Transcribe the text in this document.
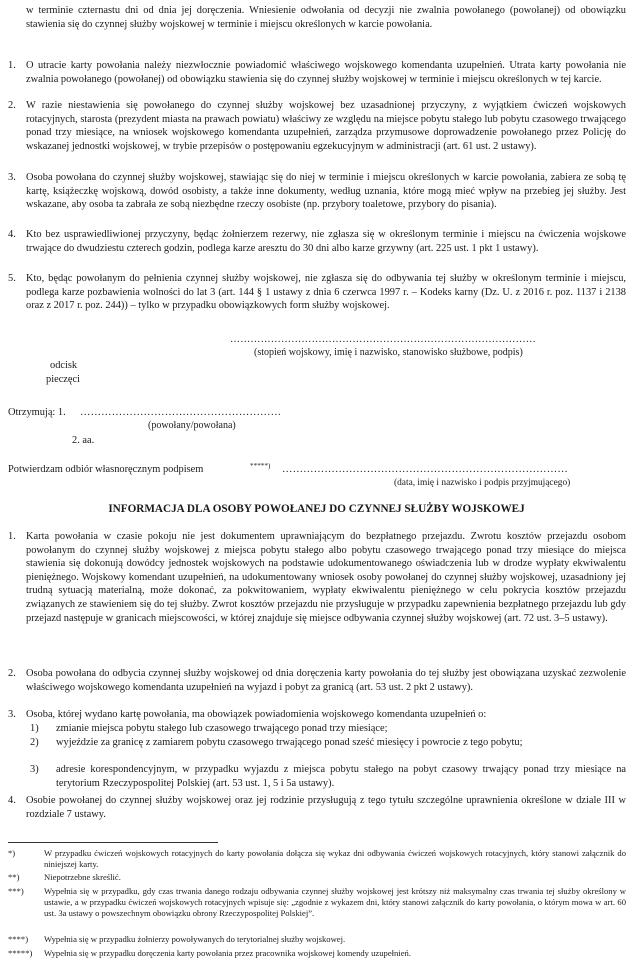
w terminie czternastu dni od dnia jej doręczenia. Wniesienie odwołania od decyzji nie zwalnia powołanego (powołanej) od obowiązku stawienia się do czynnej służby wojskowej w terminie i miejscu określonych w karcie powołania.
1. O utracie karty powołania należy niezwłocznie powiadomić właściwego wojskowego komendanta uzupełnień. Utrata karty powołania nie zwalnia powołanego (powołanej) od obowiązku stawienia się do czynnej służby wojskowej w terminie i miejscu określonych w tej karcie.
2. W razie niestawienia się powołanego do czynnej służby wojskowej bez uzasadnionej przyczyny, z wyjątkiem ćwiczeń wojskowych rotacyjnych, starosta (prezydent miasta na prawach powiatu) właściwy ze względu na miejsce pobytu stałego lub pobytu czasowego trwającego ponad trzy miesiące, na wniosek wojskowego komendanta uzupełnień, zarządza przymusowe doprowadzenie powołanego przez Policję do wskazanej jednostki wojskowej, w trybie przepisów o postępowaniu egzekucyjnym w administracji (art. 61 ust. 2 ustawy).
3. Osoba powołana do czynnej służby wojskowej, stawiając się do niej w terminie i miejscu określonych w karcie powołania, zabiera ze sobą tę kartę, książeczkę wojskową, dowód osobisty, a także inne dokumenty, według uznania, które mogą mieć wpływ na przebieg jej służby. Jest wskazane, aby osoba ta zabrała ze sobą niezbędne rzeczy osobiste (np. przybory toaletowe, przybory do pisania).
4. Kto bez usprawiedliwionej przyczyny, będąc żołnierzem rezerwy, nie zgłasza się w określonym terminie i miejscu na ćwiczenia wojskowe trwające do dwudziestu czterech godzin, podlega karze aresztu do 30 dni albo karze grzywny (art. 225 ust. 1 pkt 1 ustawy).
5. Kto, będąc powołanym do pełnienia czynnej służby wojskowej, nie zgłasza się do odbywania tej służby w określonym terminie i miejscu, podlega karze pozbawienia wolności do lat 3 (art. 144 § 1 ustawy z dnia 6 czerwca 1997 r. – Kodeks karny (Dz. U. z 2016 r. poz. 1137 i 2138 oraz z 2017 r. poz. 244)) – tylko w przypadku obowiązkowych form służby wojskowej.
………………………………………………………………………………
(stopień wojskowy, imię i nazwisko, stanowisko służbowe, podpis)
odcisk
pieczęci
Otrzymują: 1. …………………………………………………
(powołany/powołana)
2. aa.
Potwierdzam odbiór własnoręcznym podpisem	*****) ………………………………………………………………………
(data, imię i nazwisko i podpis przyjmującego)
INFORMACJA DLA OSOBY POWOŁANEJ DO CZYNNEJ SŁUŻBY WOJSKOWEJ
1. Karta powołania w czasie pokoju nie jest dokumentem uprawniającym do bezpłatnego przejazdu. Zwrotu kosztów przejazdu osobom powołanym do czynnej służby wojskowej z miejsca pobytu stałego albo pobytu czasowego trwającego ponad trzy miesiące do miejsca stawienia się dokonują dowódcy jednostek wojskowych na podstawie udokumentowanego oświadczenia lub w drodze wypłaty ekwiwalentu pieniężnego. Wojskowy komendant uzupełnień, na udokumentowany wniosek osoby powołanej do czynnej służby wojskowej, uzasadniony jej trudną sytuacją materialną, może dokonać, za pokwitowaniem, wypłaty ekwiwalentu pieniężnego w celu pokrycia kosztów przejazdu związanych ze stawieniem się do tej służby. Zwrot kosztów przejazdu nie przysługuje w przypadku zapewnienia bezpłatnego przejazdu lub gdy przejazd następuje w granicach miejscowości, w której znajduje się miejsce odbywania czynnej służby wojskowej (art. 72 ust. 3–5 ustawy).
2. Osoba powołana do odbycia czynnej służby wojskowej od dnia doręczenia karty powołania do tej służby jest obowiązana uzyskać zezwolenie właściwego wojskowego komendanta uzupełnień na wyjazd i pobyt za granicą (art. 53 ust. 2 pkt 2 ustawy).
3. Osoba, której wydano kartę powołania, ma obowiązek powiadomienia wojskowego komendanta uzupełnień o:
1) zmianie miejsca pobytu stałego lub czasowego trwającego ponad trzy miesiące;
2) wyjeździe za granicę z zamiarem pobytu czasowego trwającego ponad sześć miesięcy i powrocie z tego pobytu;
3) adresie korespondencyjnym, w przypadku wyjazdu z miejsca pobytu stałego na pobyt czasowy trwający ponad trzy miesiące na terytorium Rzeczypospolitej Polskiej (art. 53 ust. 1, 5 i 5a ustawy).
4. Osobie powołanej do czynnej służby wojskowej oraz jej rodzinie przysługują z tego tytułu szczególne uprawnienia określone w dziale III w rozdziale 7 ustawy.
*)	W przypadku ćwiczeń wojskowych rotacyjnych do karty powołania dołącza się wykaz dni odbywania ćwiczeń wojskowych rotacyjnych, który stanowi załącznik do niniejszej karty.
**)	Niepotrzebne skreślić.
***) Wypełnia się w przypadku, gdy czas trwania danego rodzaju odbywania czynnej służby wojskowej jest krótszy niż maksymalny czas trwania tej służby określony w ustawie, a w przypadku ćwiczeń wojskowych rotacyjnych wpisuje się: „zgodnie z wykazem dni, który stanowi załącznik do karty powołania, o którym mowa w art. 60 ust. 3a ustawy o powszechnym obowiązku obrony Rzeczypospolitej Polskiej”.
****) Wypełnia się w przypadku żołnierzy powoływanych do terytorialnej służby wojskowej.
*****) Wypełnia się w przypadku doręczenia karty powołania przez pracownika wojskowej komendy uzupełnień.
